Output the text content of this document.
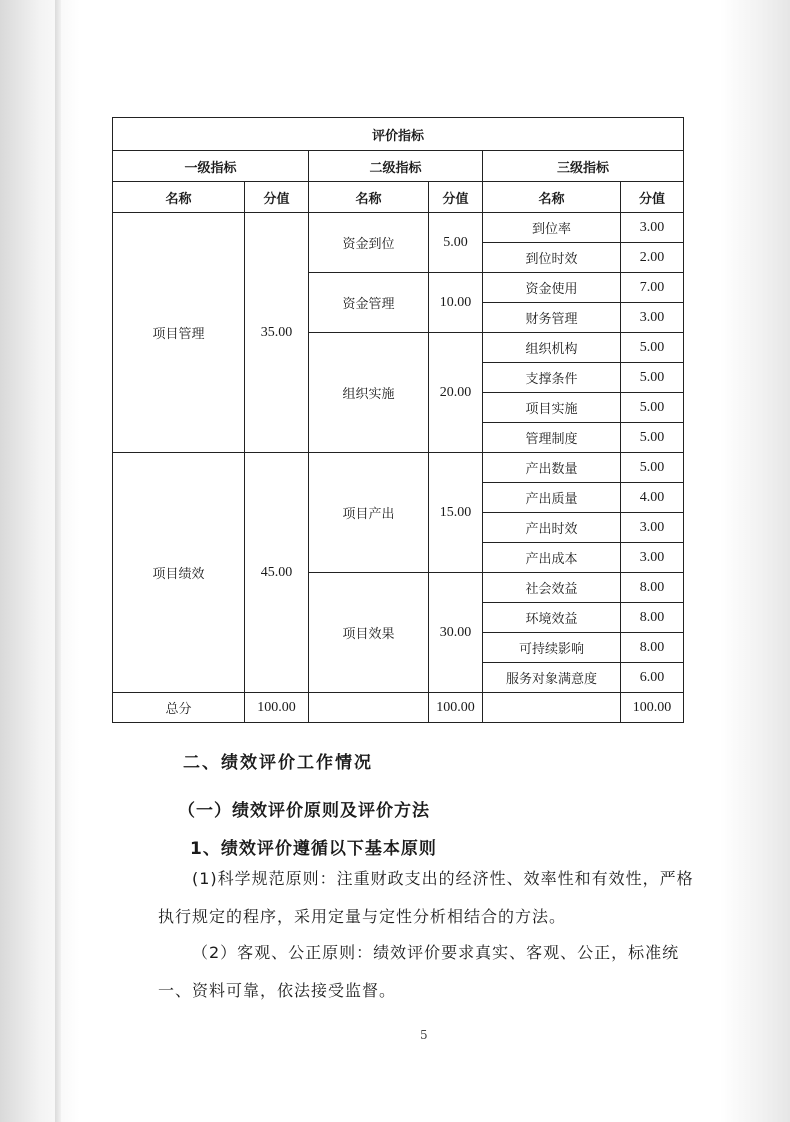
评价指标					
一级指标		二级指标		三级指标	
名称	分值	名称	分值	名称	分值
项目管理	35.00	资金到位	5.00	到位率	3.00
				到位时效	2.00
		资金管理	10.00	资金使用	7.00
				财务管理	3.00
		组织实施	20.00	组织机构	5.00
				支撑条件	5.00
				项目实施	5.00
				管理制度	5.00
项目绩效	45.00	项目产出	15.00	产出数量	5.00
				产出质量	4.00
				产出时效	3.00
				产出成本	3.00
		项目效果	30.00	社会效益	8.00
				环境效益	8.00
				可持续影响	8.00
				服务对象满意度	6.00
总分	100.00		100.00		100.00
二、绩效评价工作情况
（一）绩效评价原则及评价方法
1、绩效评价遵循以下基本原则
(1)科学规范原则：注重财政支出的经济性、效率性和有效性，严格执行规定的程序，采用定量与定性分析相结合的方法。
（2）客观、公正原则：绩效评价要求真实、客观、公正，标准统一、资料可靠，依法接受监督。
5
